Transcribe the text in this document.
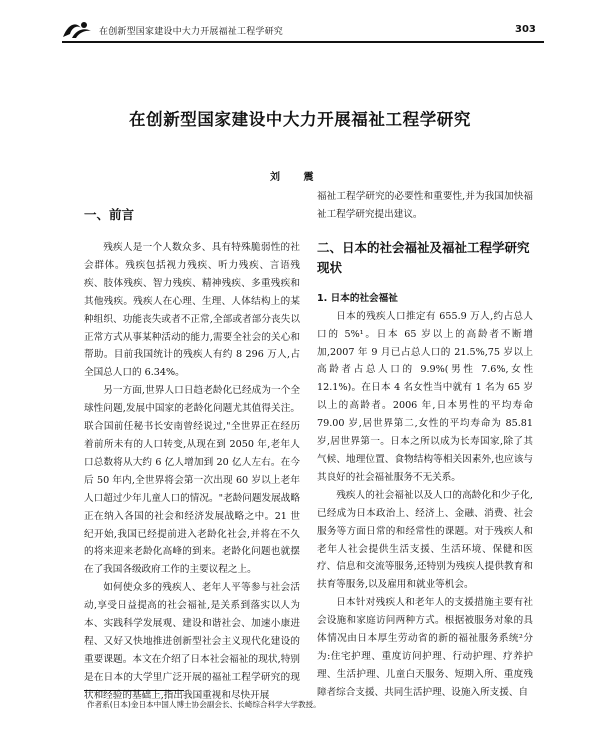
在创新型国家建设中大力开展福祉工程学研究	303
在创新型国家建设中大力开展福祉工程学研究
刘 震
一、前言

残疾人是一个人数众多、具有特殊脆弱性的社会群体。残疾包括视力残疾、听力残疾、言语残疾、肢体残疾、智力残疾、精神残疾、多重残疾和其他残疾。残疾人在心理、生理、人体结构上的某种组织、功能丧失或者不正常,全部或者部分丧失以正常方式从事某种活动的能力,需要全社会的关心和帮助。目前我国统计的残疾人有约 8 296 万人,占全国总人口的 6.34%。

另一方面,世界人口日趋老龄化已经成为一个全球性问题,发展中国家的老龄化问题尤其值得关注。联合国前任秘书长安南曾经说过,"全世界正在经历着前所未有的人口转变,从现在到 2050 年,老年人口总数将从大约 6 亿人增加到 20 亿人左右。在今后 50 年内,全世界将会第一次出现 60 岁以上老年人口超过少年儿童人口的情况。"老龄问题发展战略正在纳入各国的社会和经济发展战略之中。21 世纪开始,我国已经提前进入老龄化社会,并将在不久的将来迎来老龄化高峰的到来。老龄化问题也就摆在了我国各级政府工作的主要议程之上。

如何使众多的残疾人、老年人平等参与社会活动,享受日益提高的社会福祉,是关系到落实以人为本、实践科学发展观、建设和谐社会、加速小康进程、又好又快地推进创新型社会主义现代化建设的重要课题。本文在介绍了日本社会福祉的现状,特别是在日本的大学里广泛开展的福祉工程学研究的现状和经验的基础上,指出我国重视和尽快开展

福祉工程学研究的必要性和重要性,并为我国加快福祉工程学研究提出建议。

二、日本的社会福祉及福祉工程学研究现状

1. 日本的社会福祉

日本的残疾人口推定有 655.9 万人,约占总人口的 5%¹。日本 65 岁以上的高龄者不断增加,2007 年 9 月已占总人口的 21.5%,75 岁以上高龄者占总人口的 9.9%(男性 7.6%,女性 12.1%)。在日本 4 名女性当中就有 1 名为 65 岁以上的高龄者。2006 年,日本男性的平均寿命 79.00 岁,居世界第二,女性的平均寿命为 85.81 岁,居世界第一。日本之所以成为长寿国家,除了其气候、地理位置、食物结构等相关因素外,也应该与其良好的社会福祉服务不无关系。

残疾人的社会福祉以及人口的高龄化和少子化,已经成为日本政治上、经济上、金融、消费、社会服务等方面日常的和经常性的课题。对于残疾人和老年人社会提供生活支援、生活环境、保健和医疗、信息和交流等服务,还特别为残疾人提供教育和扶育等服务,以及雇用和就业等机会。

日本针对残疾人和老年人的支援措施主要有社会设施和家庭访问两种方式。根据被服务对象的具体情况由日本厚生劳动省的新的福祉服务系统²分为:住宅护理、重度访问护理、行动护理、疗养护理、生活护理、儿童白天服务、短期入所、重度残障者综合支援、共同生活护理、设施入所支援、自

作者系(日本)金日本中国人博士协会副会长、长崎综合科学大学教授。
